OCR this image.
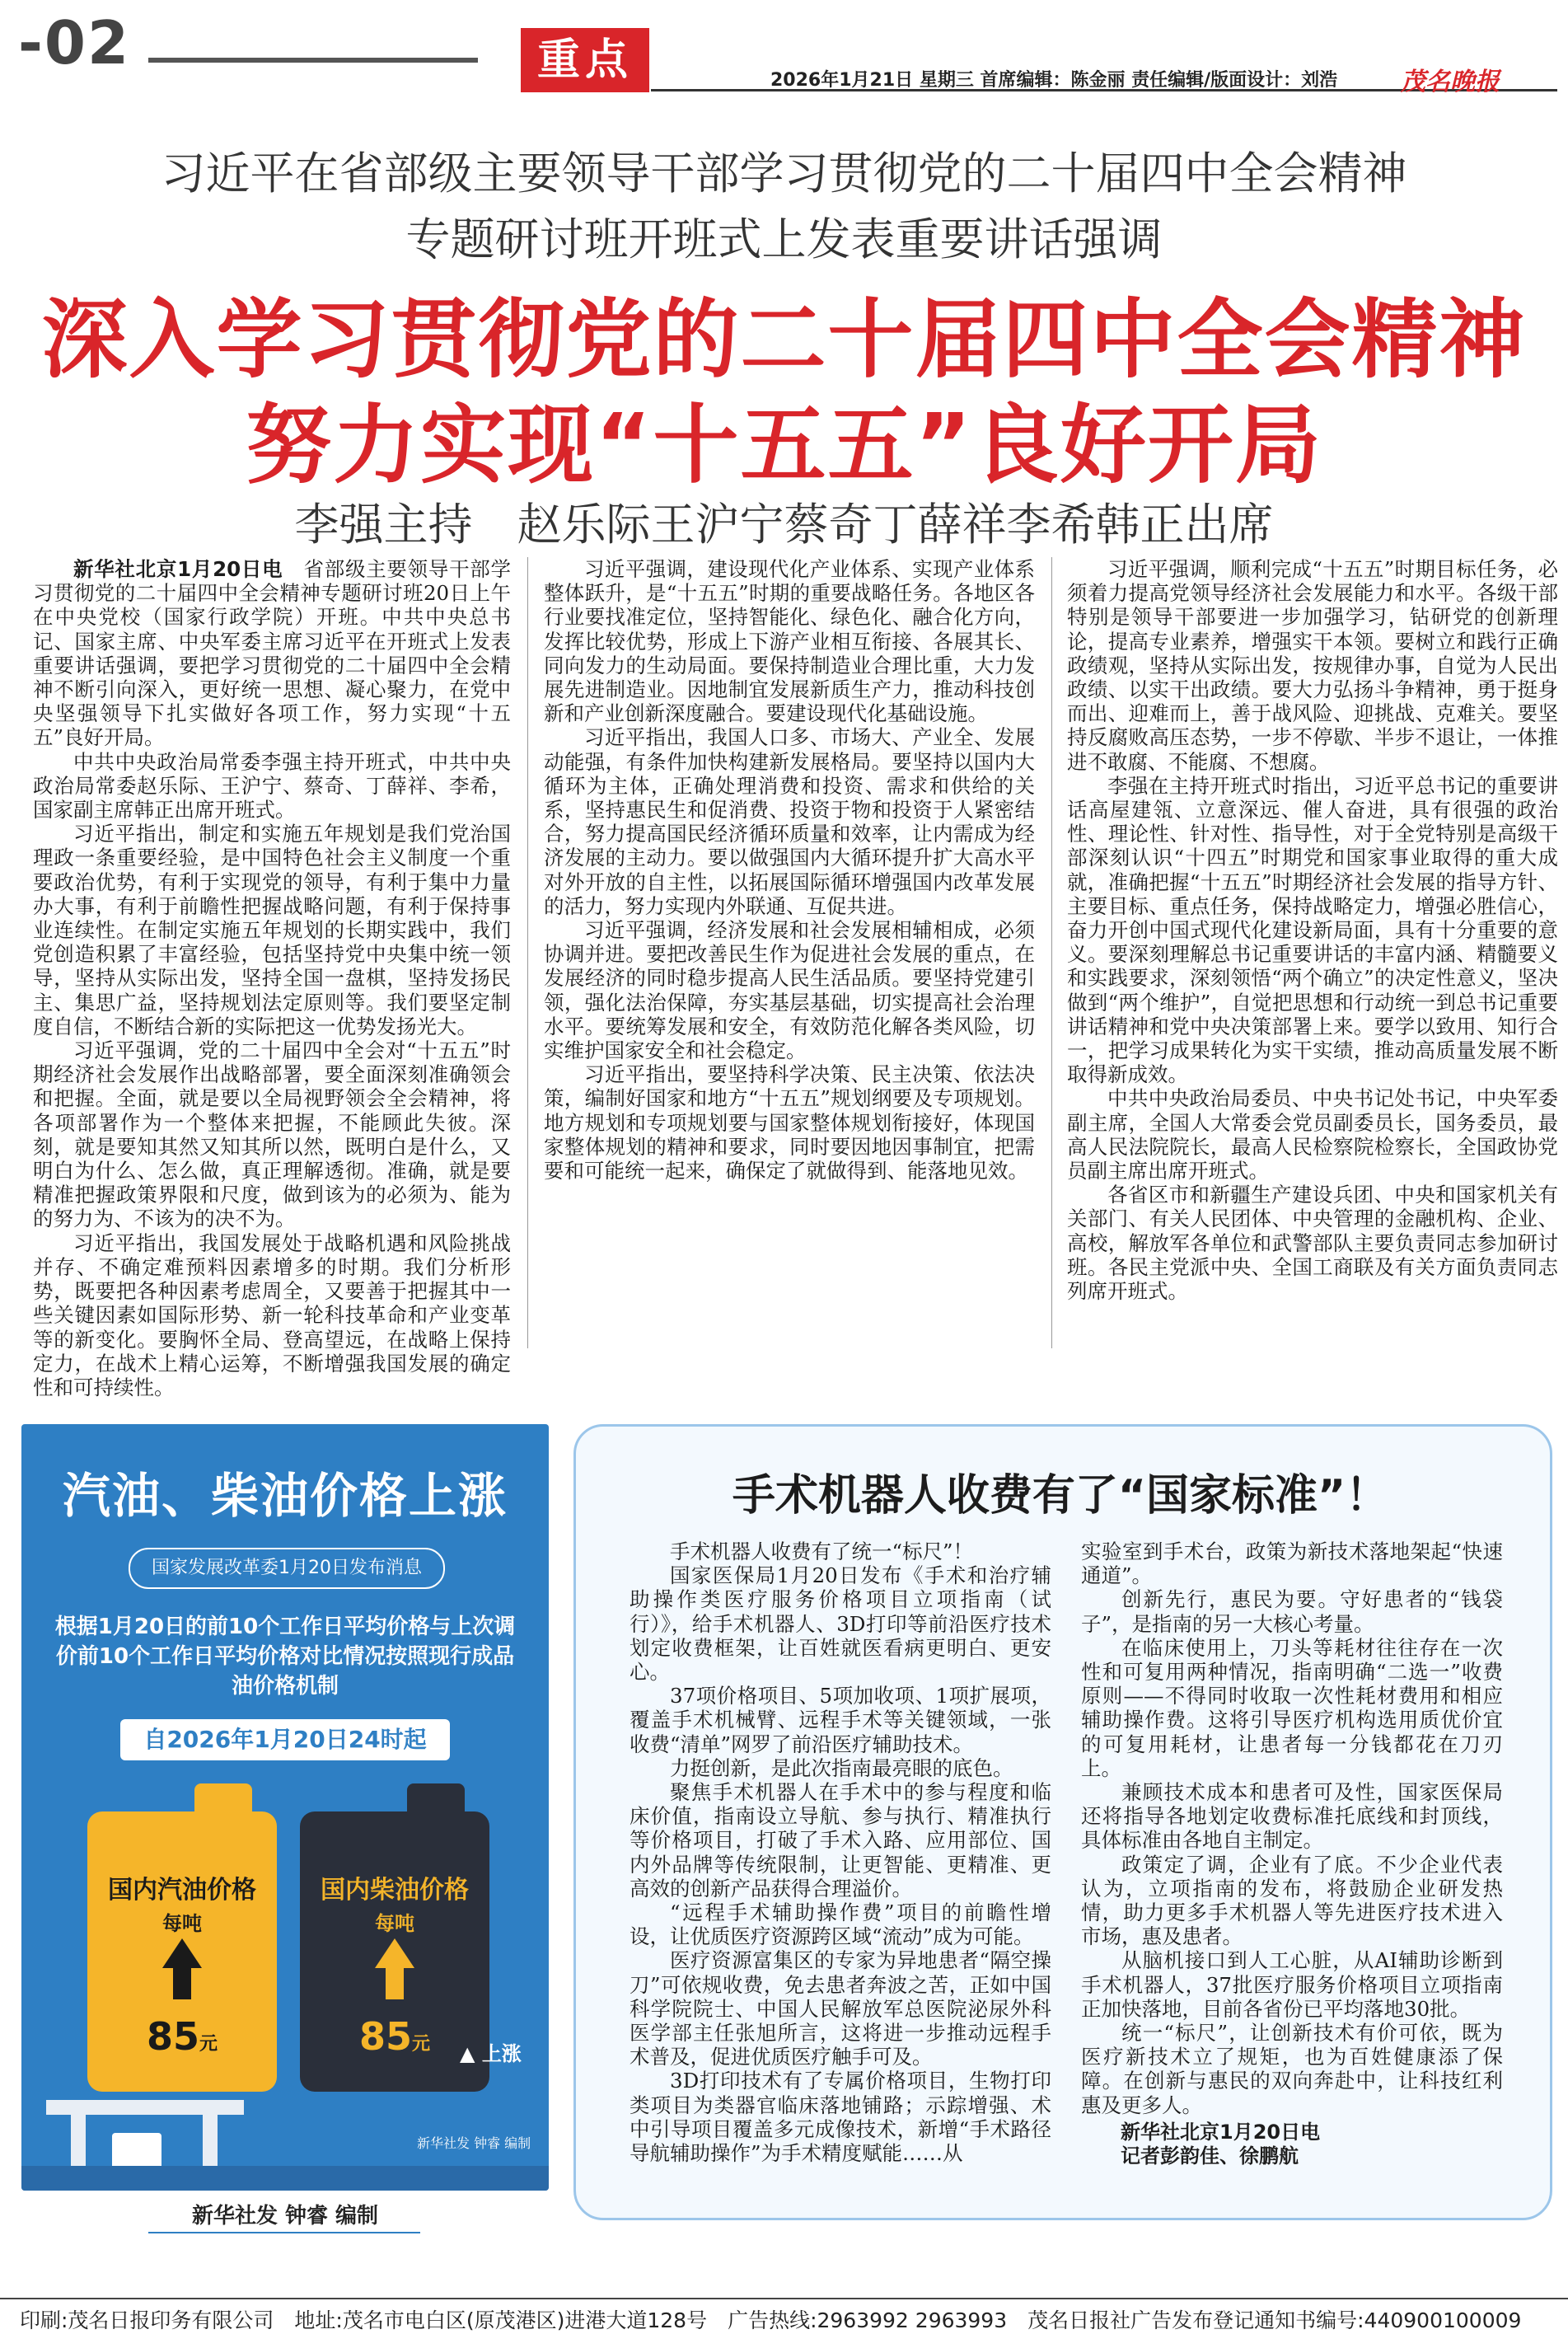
-02	重点	2026年1月21日 星期三 首席编辑：陈金丽 责任编辑/版面设计：刘浩	茂名晚报
习近平在省部级主要领导干部学习贯彻党的二十届四中全会精神
专题研讨班开班式上发表重要讲话强调
深入学习贯彻党的二十届四中全会精神
努力实现“十五五”良好开局
李强主持　赵乐际王沪宁蔡奇丁薛祥李希韩正出席

新华社北京1月20日电　 省部级主要领导干部学习贯彻党的二十届四中全会精神专题研讨班20日上午在中央党校（国家行政学院）开班。中共中央总书记、国家主席、中央军委主席习近平在开班式上发表重要讲话强调，要把学习贯彻党的二十届四中全会精神不断引向深入，更好统一思想、凝心聚力，在党中央坚强领导下扎实做好各项工作，努力实现“十五五”良好开局。

中共中央政治局常委李强主持开班式，中共中央政治局常委赵乐际、王沪宁、蔡奇、丁薛祥、李希，国家副主席韩正出席开班式。

习近平指出，制定和实施五年规划是我们党治国理政一条重要经验，是中国特色社会主义制度一个重要政治优势，有利于实现党的领导，有利于集中力量办大事，有利于前瞻性把握战略问题，有利于保持事业连续性。在制定实施五年规划的长期实践中，我们党创造积累了丰富经验，包括坚持党中央集中统一领导，坚持从实际出发，坚持全国一盘棋，坚持发扬民主、集思广益，坚持规划法定原则等。我们要坚定制度自信，不断结合新的实际把这一优势发扬光大。

习近平强调，党的二十届四中全会对“十五五”时期经济社会发展作出战略部署，要全面深刻准确领会和把握。全面，就是要以全局视野领会全会精神，将各项部署作为一个整体来把握，不能顾此失彼。深刻，就是要知其然又知其所以然，既明白是什么，又明白为什么、怎么做，真正理解透彻。准确，就是要精准把握政策界限和尺度，做到该为的必须为、能为的努力为、不该为的决不为。

习近平指出，我国发展处于战略机遇和风险挑战并存、不确定难预料因素增多的时期。我们分析形势，既要把各种因素考虑周全，又要善于把握其中一些关键因素如国际形势、新一轮科技革命和产业变革等的新变化。要胸怀全局、登高望远，在战略上保持定力，在战术上精心运筹，不断增强我国发展的确定性和可持续性。

习近平强调，建设现代化产业体系、实现产业体系整体跃升，是“十五五”时期的重要战略任务。各地区各行业要找准定位，坚持智能化、绿色化、融合化方向，发挥比较优势，形成上下游产业相互衔接、各展其长、同向发力的生动局面。要保持制造业合理比重，大力发展先进制造业。因地制宜发展新质生产力，推动科技创新和产业创新深度融合。要建设现代化基础设施。

习近平指出，我国人口多、市场大、产业全、发展动能强，有条件加快构建新发展格局。要坚持以国内大循环为主体，正确处理消费和投资、需求和供给的关系，坚持惠民生和促消费、投资于物和投资于人紧密结合，努力提高国民经济循环质量和效率，让内需成为经济发展的主动力。要以做强国内大循环提升扩大高水平对外开放的自主性，以拓展国际循环增强国内改革发展的活力，努力实现内外联通、互促共进。

习近平强调，经济发展和社会发展相辅相成，必须协调并进。要把改善民生作为促进社会发展的重点，在发展经济的同时稳步提高人民生活品质。要坚持党建引领，强化法治保障，夯实基层基础，切实提高社会治理水平。要统筹发展和安全，有效防范化解各类风险，切实维护国家安全和社会稳定。

习近平指出，要坚持科学决策、民主决策、依法决策，编制好国家和地方“十五五”规划纲要及专项规划。地方规划和专项规划要与国家整体规划衔接好，体现国家整体规划的精神和要求，同时要因地因事制宜，把需要和可能统一起来，确保定了就做得到、能落地见效。

习近平强调，顺利完成“十五五”时期目标任务，必须着力提高党领导经济社会发展能力和水平。各级干部特别是领导干部要进一步加强学习，钻研党的创新理论，提高专业素养，增强实干本领。要树立和践行正确政绩观，坚持从实际出发，按规律办事，自觉为人民出政绩、以实干出政绩。要大力弘扬斗争精神，勇于挺身而出、迎难而上，善于战风险、迎挑战、克难关。要坚持反腐败高压态势，一步不停歇、半步不退让，一体推进不敢腐、不能腐、不想腐。

李强在主持开班式时指出，习近平总书记的重要讲话高屋建瓴、立意深远、催人奋进，具有很强的政治性、理论性、针对性、指导性，对于全党特别是高级干部深刻认识“十四五”时期党和国家事业取得的重大成就，准确把握“十五五”时期经济社会发展的指导方针、主要目标、重点任务，保持战略定力，增强必胜信心，奋力开创中国式现代化建设新局面，具有十分重要的意义。要深刻理解总书记重要讲话的丰富内涵、精髓要义和实践要求，深刻领悟“两个确立”的决定性意义，坚决做到“两个维护”，自觉把思想和行动统一到总书记重要讲话精神和党中央决策部署上来。要学以致用、知行合一，把学习成果转化为实干实绩，推动高质量发展不断取得新成效。

中共中央政治局委员、中央书记处书记，中央军委副主席，全国人大常委会党员副委员长，国务委员，最高人民法院院长，最高人民检察院检察长，全国政协党员副主席出席开班式。

各省区市和新疆生产建设兵团、中央和国家机关有关部门、有关人民团体、中央管理的金融机构、企业、高校，解放军各单位和武警部队主要负责同志参加研讨班。各民主党派中央、全国工商联及有关方面负责同志列席开班式。

汽油、柴油价格上涨
国家发展改革委1月20日发布消息
根据1月20日的前10个工作日平均价格与上次调价前10个工作日平均价格对比情况按照现行成品油价格机制
自2026年1月20日24时起
国内汽油价格
每吨
85元
国内柴油价格
每吨
85元	▲ 上涨
新华社发 钟睿 编制
新华社发 钟睿 编制
手术机器人收费有了“国家标准”！

手术机器人收费有了统一“标尺”！

国家医保局1月20日发布《手术和治疗辅助操作类医疗服务价格项目立项指南（试行）》，给手术机器人、3D打印等前沿医疗技术划定收费框架，让百姓就医看病更明白、更安心。

37项价格项目、5项加收项、1项扩展项，覆盖手术机械臂、远程手术等关键领域，一张收费“清单”网罗了前沿医疗辅助技术。

力挺创新，是此次指南最亮眼的底色。

聚焦手术机器人在手术中的参与程度和临床价值，指南设立导航、参与执行、精准执行等价格项目，打破了手术入路、应用部位、国内外品牌等传统限制，让更智能、更精准、更高效的创新产品获得合理溢价。

“远程手术辅助操作费”项目的前瞻性增设，让优质医疗资源跨区域“流动”成为可能。

医疗资源富集区的专家为异地患者“隔空操刀”可依规收费，免去患者奔波之苦，正如中国科学院院士、中国人民解放军总医院泌尿外科医学部主任张旭所言，这将进一步推动远程手术普及，促进优质医疗触手可及。

3D打印技术有了专属价格项目，生物打印类项目为类器官临床落地铺路；示踪增强、术中引导项目覆盖多元成像技术，新增“手术路径导航辅助操作”为手术精度赋能……从

实验室到手术台，政策为新技术落地架起“快速通道”。

创新先行，惠民为要。守好患者的“钱袋子”，是指南的另一大核心考量。

在临床使用上，刀头等耗材往往存在一次性和可复用两种情况，指南明确“二选一”收费原则——不得同时收取一次性耗材费用和相应辅助操作费。这将引导医疗机构选用质优价宜的可复用耗材，让患者每一分钱都花在刀刃上。

兼顾技术成本和患者可及性，国家医保局还将指导各地划定收费标准托底线和封顶线，具体标准由各地自主制定。

政策定了调，企业有了底。不少企业代表认为，立项指南的发布，将鼓励企业研发热情，助力更多手术机器人等先进医疗技术进入市场，惠及患者。

从脑机接口到人工心脏，从AI辅助诊断到手术机器人，37批医疗服务价格项目立项指南正加快落地，目前各省份已平均落地30批。

统一“标尺”，让创新技术有价可依，既为医疗新技术立了规矩，也为百姓健康添了保障。在创新与惠民的双向奔赴中，让科技红利惠及更多人。

新华社北京1月20日电

记者彭韵佳、徐鹏航

印刷:茂名日报印务有限公司　地址:茂名市电白区(原茂港区)进港大道128号　广告热线:2963992 2963993　茂名日报社广告发布登记通知书编号:440900100009
